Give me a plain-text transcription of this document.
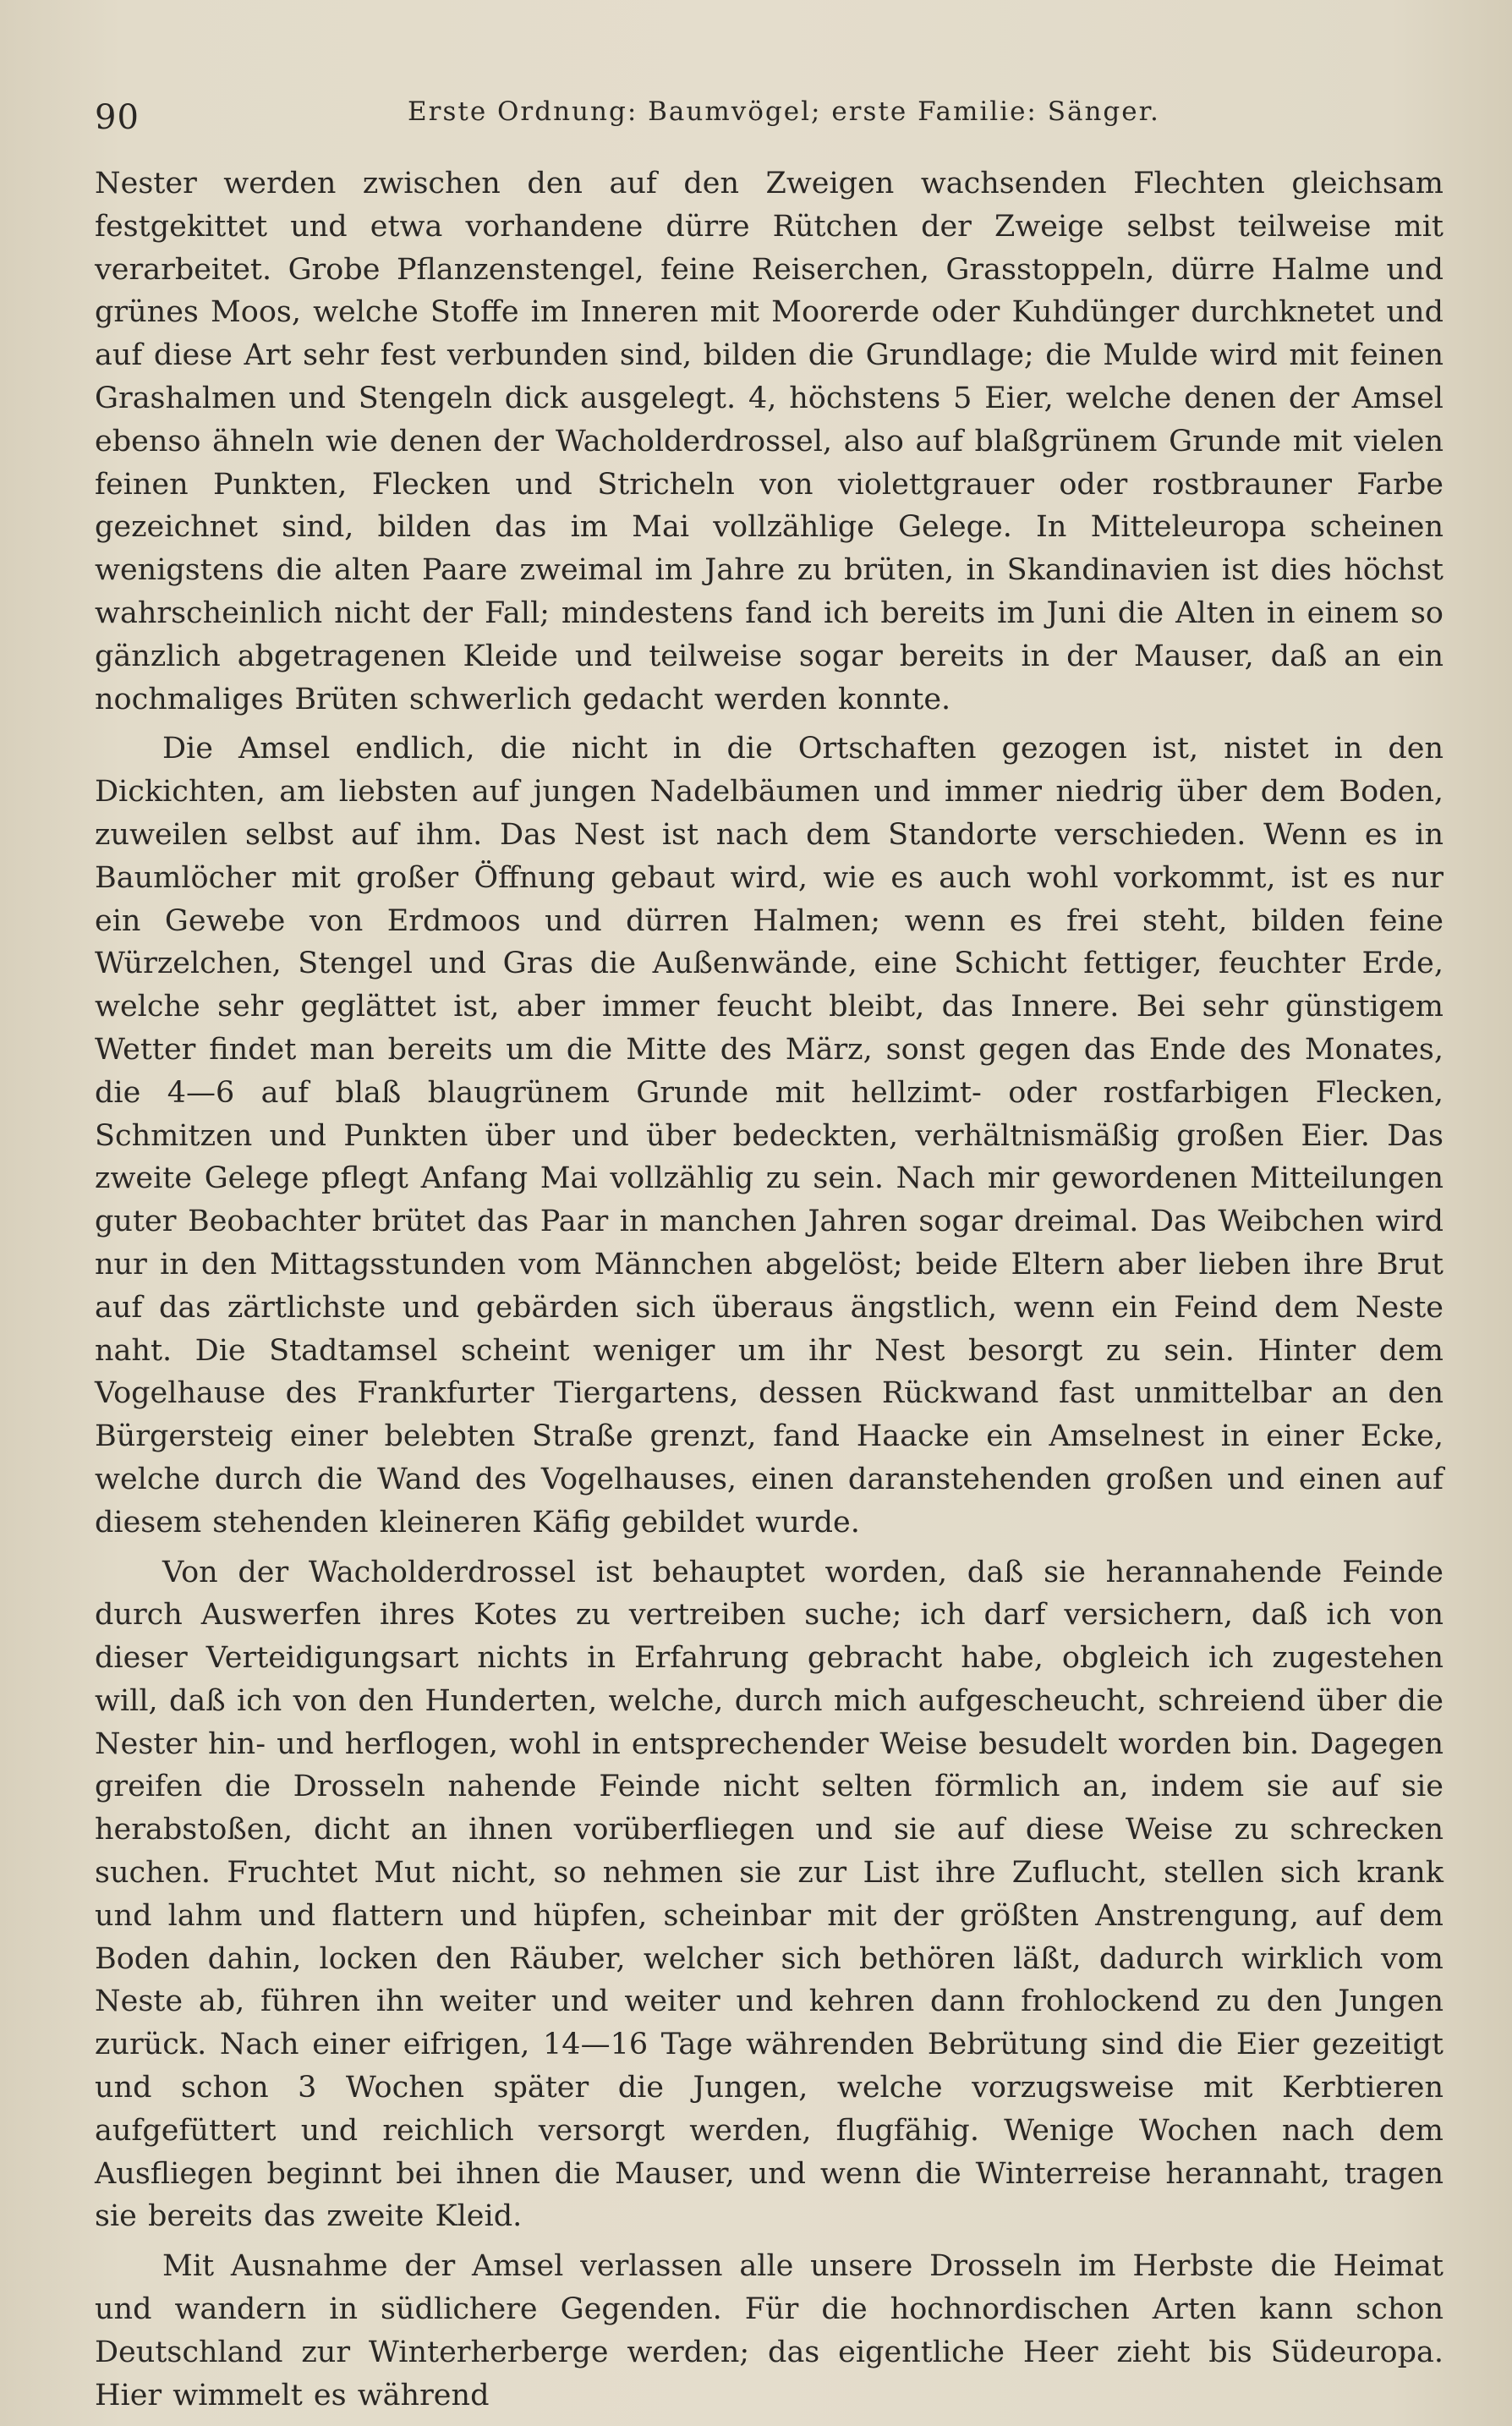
90	Erste Ordnung: Baumvögel; erste Familie: Sänger.

Nester werden zwischen den auf den Zweigen wachsenden Flechten gleichsam festgekittet und etwa vorhandene dürre Rütchen der Zweige selbst teilweise mit verarbeitet. Grobe Pflanzenstengel, feine Reiserchen, Grasstoppeln, dürre Halme und grünes Moos, welche Stoffe im Inneren mit Moorerde oder Kuhdünger durchknetet und auf diese Art sehr fest verbunden sind, bilden die Grundlage; die Mulde wird mit feinen Grashalmen und Stengeln dick ausgelegt. 4, höchstens 5 Eier, welche denen der Amsel ebenso ähneln wie denen der Wacholderdrossel, also auf blaßgrünem Grunde mit vielen feinen Punkten, Flecken und Stricheln von violettgrauer oder rostbrauner Farbe gezeichnet sind, bilden das im Mai vollzählige Gelege. In Mitteleuropa scheinen wenigstens die alten Paare zweimal im Jahre zu brüten, in Skandinavien ist dies höchst wahrscheinlich nicht der Fall; mindestens fand ich bereits im Juni die Alten in einem so gänzlich abgetragenen Kleide und teilweise sogar bereits in der Mauser, daß an ein nochmaliges Brüten schwerlich gedacht werden konnte.

Die Amsel endlich, die nicht in die Ortschaften gezogen ist, nistet in den Dickichten, am liebsten auf jungen Nadelbäumen und immer niedrig über dem Boden, zuweilen selbst auf ihm. Das Nest ist nach dem Standorte verschieden. Wenn es in Baumlöcher mit großer Öffnung gebaut wird, wie es auch wohl vorkommt, ist es nur ein Gewebe von Erdmoos und dürren Halmen; wenn es frei steht, bilden feine Würzelchen, Stengel und Gras die Außenwände, eine Schicht fettiger, feuchter Erde, welche sehr geglättet ist, aber immer feucht bleibt, das Innere. Bei sehr günstigem Wetter findet man bereits um die Mitte des März, sonst gegen das Ende des Monates, die 4—6 auf blaß blaugrünem Grunde mit hellzimt- oder rostfarbigen Flecken, Schmitzen und Punkten über und über bedeckten, verhältnismäßig großen Eier. Das zweite Gelege pflegt Anfang Mai vollzählig zu sein. Nach mir gewordenen Mitteilungen guter Beobachter brütet das Paar in manchen Jahren sogar dreimal. Das Weibchen wird nur in den Mittagsstunden vom Männchen abgelöst; beide Eltern aber lieben ihre Brut auf das zärtlichste und gebärden sich überaus ängstlich, wenn ein Feind dem Neste naht. Die Stadtamsel scheint weniger um ihr Nest besorgt zu sein. Hinter dem Vogelhause des Frankfurter Tiergartens, dessen Rückwand fast unmittelbar an den Bürgersteig einer belebten Straße grenzt, fand Haacke ein Amselnest in einer Ecke, welche durch die Wand des Vogelhauses, einen daranstehenden großen und einen auf diesem stehenden kleineren Käfig gebildet wurde.

Von der Wacholderdrossel ist behauptet worden, daß sie herannahende Feinde durch Auswerfen ihres Kotes zu vertreiben suche; ich darf versichern, daß ich von dieser Verteidigungsart nichts in Erfahrung gebracht habe, obgleich ich zugestehen will, daß ich von den Hunderten, welche, durch mich aufgescheucht, schreiend über die Nester hin- und herflogen, wohl in entsprechender Weise besudelt worden bin. Dagegen greifen die Drosseln nahende Feinde nicht selten förmlich an, indem sie auf sie herabstoßen, dicht an ihnen vorüberfliegen und sie auf diese Weise zu schrecken suchen. Fruchtet Mut nicht, so nehmen sie zur List ihre Zuflucht, stellen sich krank und lahm und flattern und hüpfen, scheinbar mit der größten Anstrengung, auf dem Boden dahin, locken den Räuber, welcher sich bethören läßt, dadurch wirklich vom Neste ab, führen ihn weiter und weiter und kehren dann frohlockend zu den Jungen zurück. Nach einer eifrigen, 14—16 Tage währenden Bebrütung sind die Eier gezeitigt und schon 3 Wochen später die Jungen, welche vorzugsweise mit Kerbtieren aufgefüttert und reichlich versorgt werden, flugfähig. Wenige Wochen nach dem Ausfliegen beginnt bei ihnen die Mauser, und wenn die Winterreise herannaht, tragen sie bereits das zweite Kleid.

Mit Ausnahme der Amsel verlassen alle unsere Drosseln im Herbste die Heimat und wandern in südlichere Gegenden. Für die hochnordischen Arten kann schon Deutschland zur Winterherberge werden; das eigentliche Heer zieht bis Südeuropa. Hier wimmelt es während
